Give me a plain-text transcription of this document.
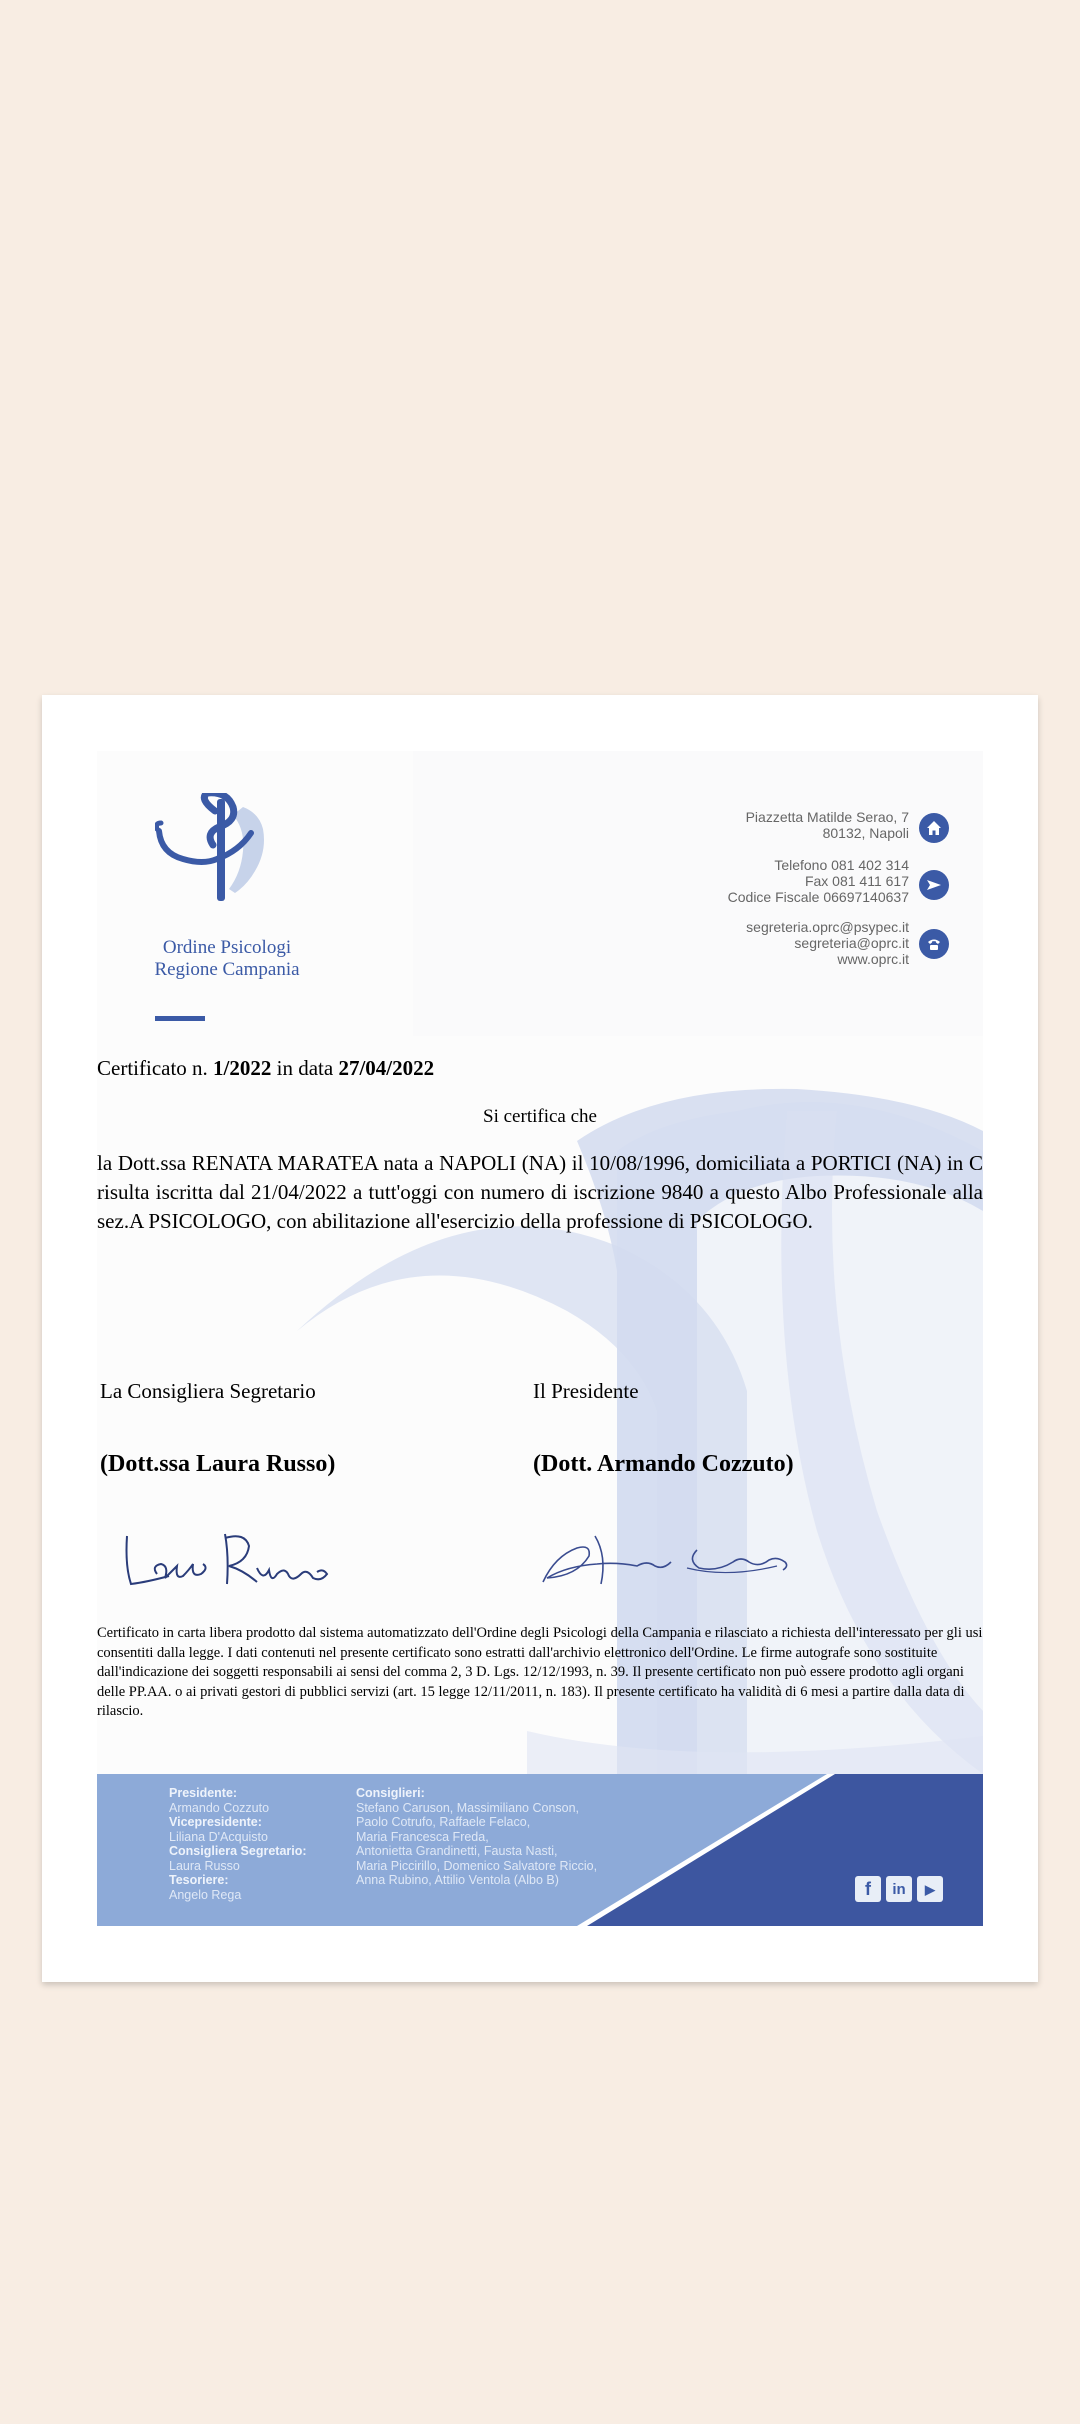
Ordine Psicologi
Regione Campania
Piazzetta Matilde Serao, 7
80132, Napoli
Telefono 081 402 314
Fax 081 411 617
Codice Fiscale 06697140637
segreteria.oprc@psypec.it
segreteria@oprc.it
www.oprc.it
Certificato n. 1/2022 in data 27/04/2022
Si certifica che
la Dott.ssa RENATA MARATEA nata a NAPOLI (NA) il 10/08/1996, domiciliata a PORTICI (NA) in C risulta iscritta dal 21/04/2022 a tutt'oggi con numero di iscrizione 9840 a questo Albo Professionale alla sez.A PSICOLOGO, con abilitazione all'esercizio della professione di PSICOLOGO.
La Consigliera Segretario	Il Presidente
(Dott.ssa Laura Russo)	(Dott. Armando Cozzuto)
Certificato in carta libera prodotto dal sistema automatizzato dell'Ordine degli Psicologi della Campania e rilasciato a richiesta dell'interessato per gli usi consentiti dalla legge. I dati contenuti nel presente certificato sono estratti dall'archivio elettronico dell'Ordine. Le firme autografe sono sostituite dall'indicazione dei soggetti responsabili ai sensi del comma 2, 3 D. Lgs. 12/12/1993, n. 39. Il presente certificato non può essere prodotto agli organi delle PP.AA. o ai privati gestori di pubblici servizi (art. 15 legge 12/11/2011, n. 183). Il presente certificato ha validità di 6 mesi a partire dalla data di rilascio.
Presidente:
Armando Cozzuto
Vicepresidente:
Liliana D'Acquisto
Consigliera Segretario:
Laura Russo
Tesoriere:
Angelo Rega
Consiglieri:
Stefano Caruson, Massimiliano Conson,
Paolo Cotrufo, Raffaele Felaco,
Maria Francesca Freda,
Antonietta Grandinetti, Fausta Nasti,
Maria Piccirillo, Domenico Salvatore Riccio,
Anna Rubino, Attilio Ventola (Albo B)	f	in	▶
